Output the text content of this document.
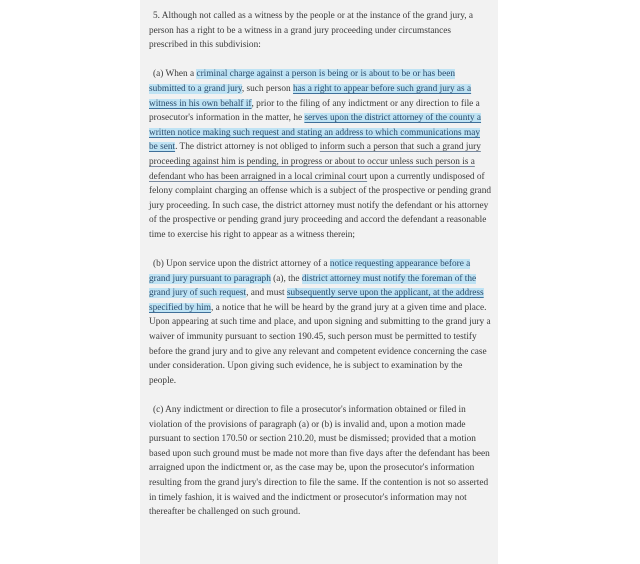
5. Although not called as a witness by the people or at the instance of the grand jury, a person has a right to be a witness in a grand jury proceeding under circumstances prescribed in this subdivision:

(a) When a criminal charge against a person is being or is about to be or has been submitted to a grand jury, such person has a right to appear before such grand jury as a witness in his own behalf if, prior to the filing of any indictment or any direction to file a prosecutor's information in the matter, he serves upon the district attorney of the county a written notice making such request and stating an address to which communications may be sent. The district attorney is not obliged to inform such a person that such a grand jury proceeding against him is pending, in progress or about to occur unless such person is a defendant who has been arraigned in a local criminal court upon a currently undisposed of felony complaint charging an offense which is a subject of the prospective or pending grand jury proceeding. In such case, the district attorney must notify the defendant or his attorney of the prospective or pending grand jury proceeding and accord the defendant a reasonable time to exercise his right to appear as a witness therein;

(b) Upon service upon the district attorney of a notice requesting appearance before a grand jury pursuant to paragraph (a), the district attorney must notify the foreman of the grand jury of such request, and must subsequently serve upon the applicant, at the address specified by him, a notice that he will be heard by the grand jury at a given time and place. Upon appearing at such time and place, and upon signing and submitting to the grand jury a waiver of immunity pursuant to section 190.45, such person must be permitted to testify before the grand jury and to give any relevant and competent evidence concerning the case under consideration. Upon giving such evidence, he is subject to examination by the people.

(c) Any indictment or direction to file a prosecutor's information obtained or filed in violation of the provisions of paragraph (a) or (b) is invalid and, upon a motion made pursuant to section 170.50 or section 210.20, must be dismissed; provided that a motion based upon such ground must be made not more than five days after the defendant has been arraigned upon the indictment or, as the case may be, upon the prosecutor's information resulting from the grand jury's direction to file the same. If the contention is not so asserted in timely fashion, it is waived and the indictment or prosecutor's information may not thereafter be challenged on such ground.
